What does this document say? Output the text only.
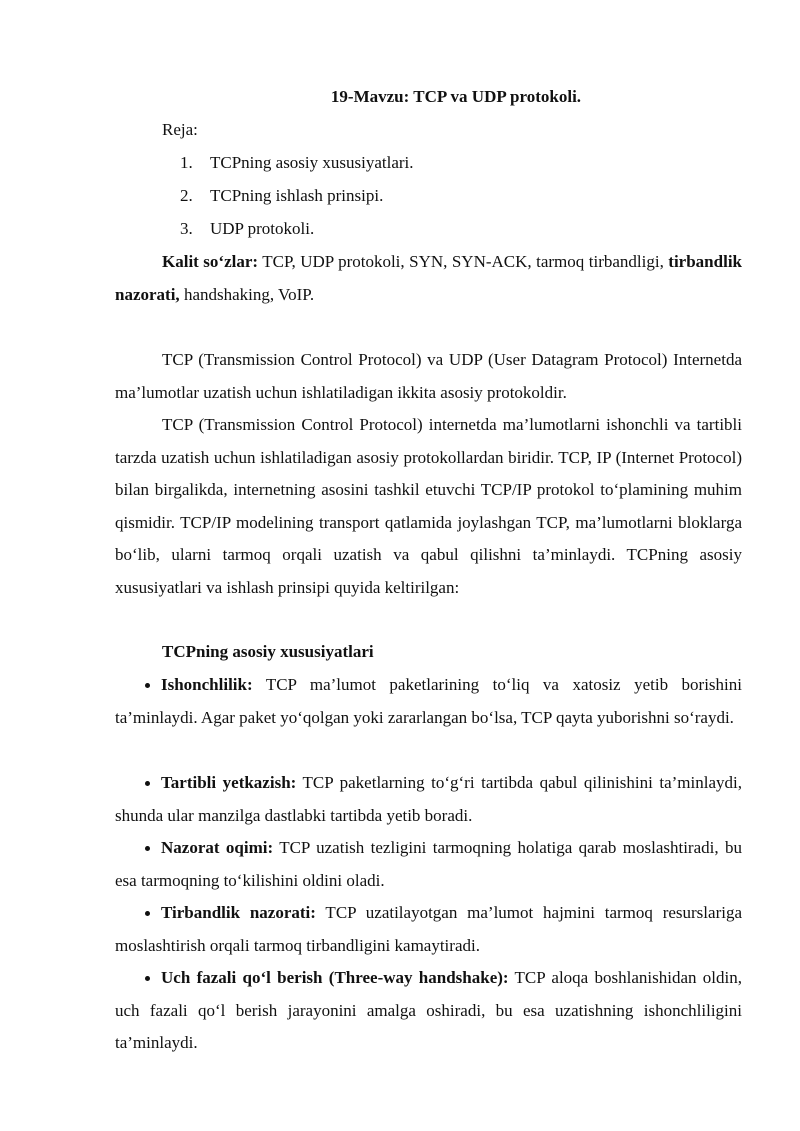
19-Mavzu: TCP va UDP protokoli.
Reja:
1. TCPning asosiy xususiyatlari.
2. TCPning ishlash prinsipi.
3. UDP protokoli.

Kalit so‘zlar: TCP, UDP protokoli, SYN, SYN-ACK, tarmoq tirbandligi, tirbandlik nazorati, handshaking, VoIP.

TCP (Transmission Control Protocol) va UDP (User Datagram Protocol) Internetda ma’lumotlar uzatish uchun ishlatiladigan ikkita asosiy protokoldir.

TCP (Transmission Control Protocol) internetda ma’lumotlarni ishonchli va tartibli tarzda uzatish uchun ishlatiladigan asosiy protokollardan biridir. TCP, IP (Internet Protocol) bilan birgalikda, internetning asosini tashkil etuvchi TCP/IP protokol to‘plamining muhim qismidir. TCP/IP modelining transport qatlamida joylashgan TCP, ma’lumotlarni bloklarga bo‘lib, ularni tarmoq orqali uzatish va qabul qilishni ta’minlaydi. TCPning asosiy xususiyatlari va ishlash prinsipi quyida keltirilgan:

TCPning asosiy xususiyatlari

Ishonchlilik: TCP ma’lumot paketlarining to‘liq va xatosiz yetib borishini ta’minlaydi. Agar paket yo‘qolgan yoki zararlangan bo‘lsa, TCP qayta yuborishni so‘raydi.

Tartibli yetkazish: TCP paketlarning to‘g‘ri tartibda qabul qilinishini ta’minlaydi, shunda ular manzilga dastlabki tartibda yetib boradi.

Nazorat oqimi: TCP uzatish tezligini tarmoqning holatiga qarab moslashtiradi, bu esa tarmoqning to‘kilishini oldini oladi.

Tirbandlik nazorati: TCP uzatilayotgan ma’lumot hajmini tarmoq resurslariga moslashtirish orqali tarmoq tirbandligini kamaytiradi.

Uch fazali qo‘l berish (Three-way handshake): TCP aloqa boshlanishidan oldin, uch fazali qo‘l berish jarayonini amalga oshiradi, bu esa uzatishning ishonchliligini ta’minlaydi.
